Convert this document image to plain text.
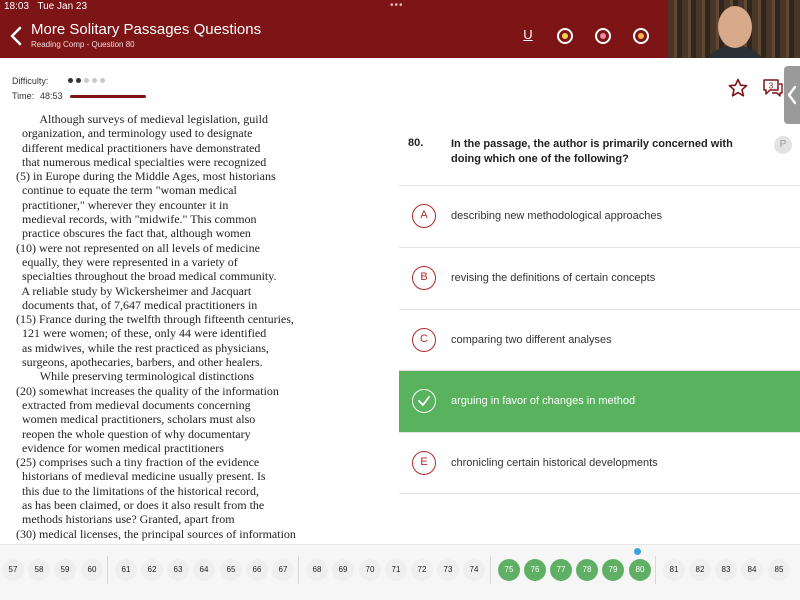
18:03 Tue Jan 23	•••
More Solitary Passages Questions
Reading Comp - Question 80
U
Difficulty:
Time: 48:53
3
Although surveys of medieval legislation, guild
organization, and terminology used to designate
different medical practitioners have demonstrated
that numerous medical specialties were recognized
(5) in Europe during the Middle Ages, most historians
continue to equate the term "woman medical
practitioner," wherever they encounter it in
medieval records, with "midwife." This common
practice obscures the fact that, although women
(10) were not represented on all levels of medicine
equally, they were represented in a variety of
specialties throughout the broad medical community.
A reliable study by Wickersheimer and Jacquart
documents that, of 7,647 medical practitioners in
(15) France during the twelfth through fifteenth centuries,
121 were women; of these, only 44 were identified
as midwives, while the rest practiced as physicians,
surgeons, apothecaries, barbers, and other healers.
While preserving terminological distinctions
(20) somewhat increases the quality of the information
extracted from medieval documents concerning
women medical practitioners, scholars must also
reopen the whole question of why documentary
evidence for women medical practitioners
(25) comprises such a tiny fraction of the evidence
historians of medieval medicine usually present. Is
this due to the limitations of the historical record,
as has been claimed, or does it also result from the
methods historians use? Granted, apart from
(30) medical licenses, the principal sources of information
80.	In the passage, the author is primarily concerned with doing which one of the following?
P
A	describing new methodological approaches
B	revising the definitions of certain concepts
C	comparing two different analyses
arguing in favor of changes in method
E	chronicling certain historical developments
57	58	59	60	61	62	63	64	65	66	67	68	69	70	71	72	73	74	75	76	77	78	79	80	81	82	83	84	85
